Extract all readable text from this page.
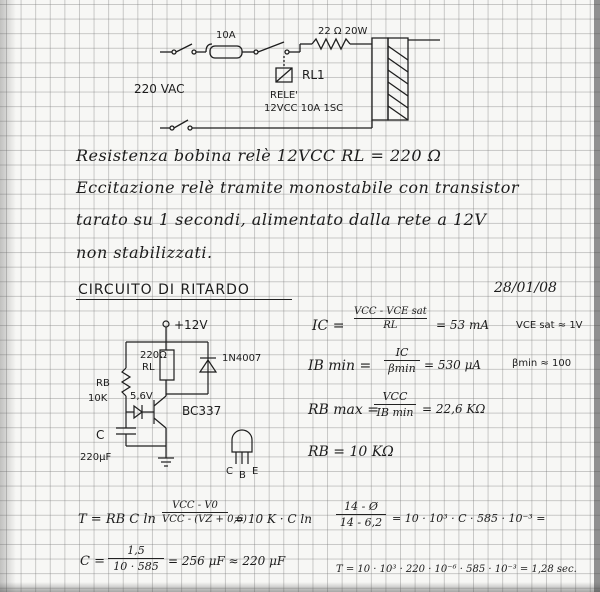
10A	22 Ω 20W
RL1
220 VAC	RELE'
12VCC 10A 1SC
Resistenza bobina relè 12VCC RL = 220 Ω
Eccitazione relè tramite monostabile con transistor
tarato su 1 secondi, alimentato dalla rete a 12V
non stabilizzati.
CIRCUITO DI RITARDO	28/01/08
+12V
220Ω
RL
1N4007
RB
10K 5,6V
BC337
C
220μF
C B E
IC =
VCC - VCE sat
RL	= 53 mA	VCE sat ≈ 1V
IB min =
IC
βmin = 530 μA	βmin ≈ 100
RB max =
VCC
IB min = 22,6 KΩ
RB = 10 KΩ
T = RB C ln
VCC - V0
VCC - (VZ + 0,6)
= 10 K · C ln
14 - Ø
14 - 6,2 = 10 · 10³ · C · 585 · 10⁻³ =
C =
1,5
10 · 585 = 256 μF ≈ 220 μF
T = 10 · 10³ · 220 · 10⁻⁶ · 585 · 10⁻³ = 1,28 sec.
